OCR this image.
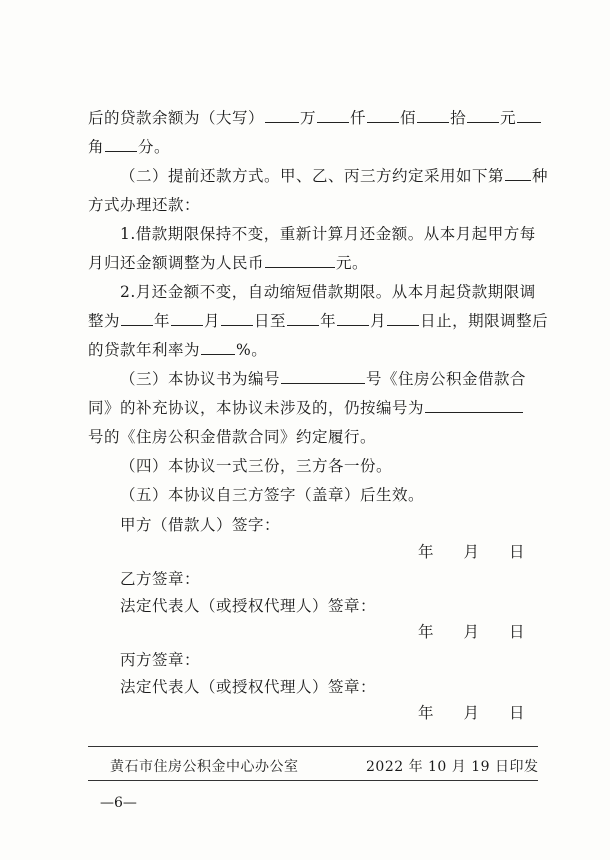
后的贷款余额为（大写） 万 仟 佰 拾 元
角 分。
（二）提前还款方式。甲、乙、丙三方约定采用如下第 种
方式办理还款：
1.借款期限保持不变，重新计算月还金额。从本月起甲方每
月归还金额调整为人民币	元。
2.月还金额不变，自动缩短借款期限。从本月起贷款期限调
整为 年 月 日至 年 月 日止，期限调整后
的贷款年利率为 %。
（三）本协议书为编号	号《住房公积金借款合
同》的补充协议，本协议未涉及的，仍按编号为
号的《住房公积金借款合同》约定履行。
（四）本协议一式三份，三方各一份。
（五）本协议自三方签字（盖章）后生效。
甲方（借款人）签字：
年 月 日
乙方签章：
法定代表人（或授权代理人）签章：
年 月 日
丙方签章：
法定代表人（或授权代理人）签章：
年 月 日
黄石市住房公积金中心办公室	2022 年 10 月 19 日印发
—6—
